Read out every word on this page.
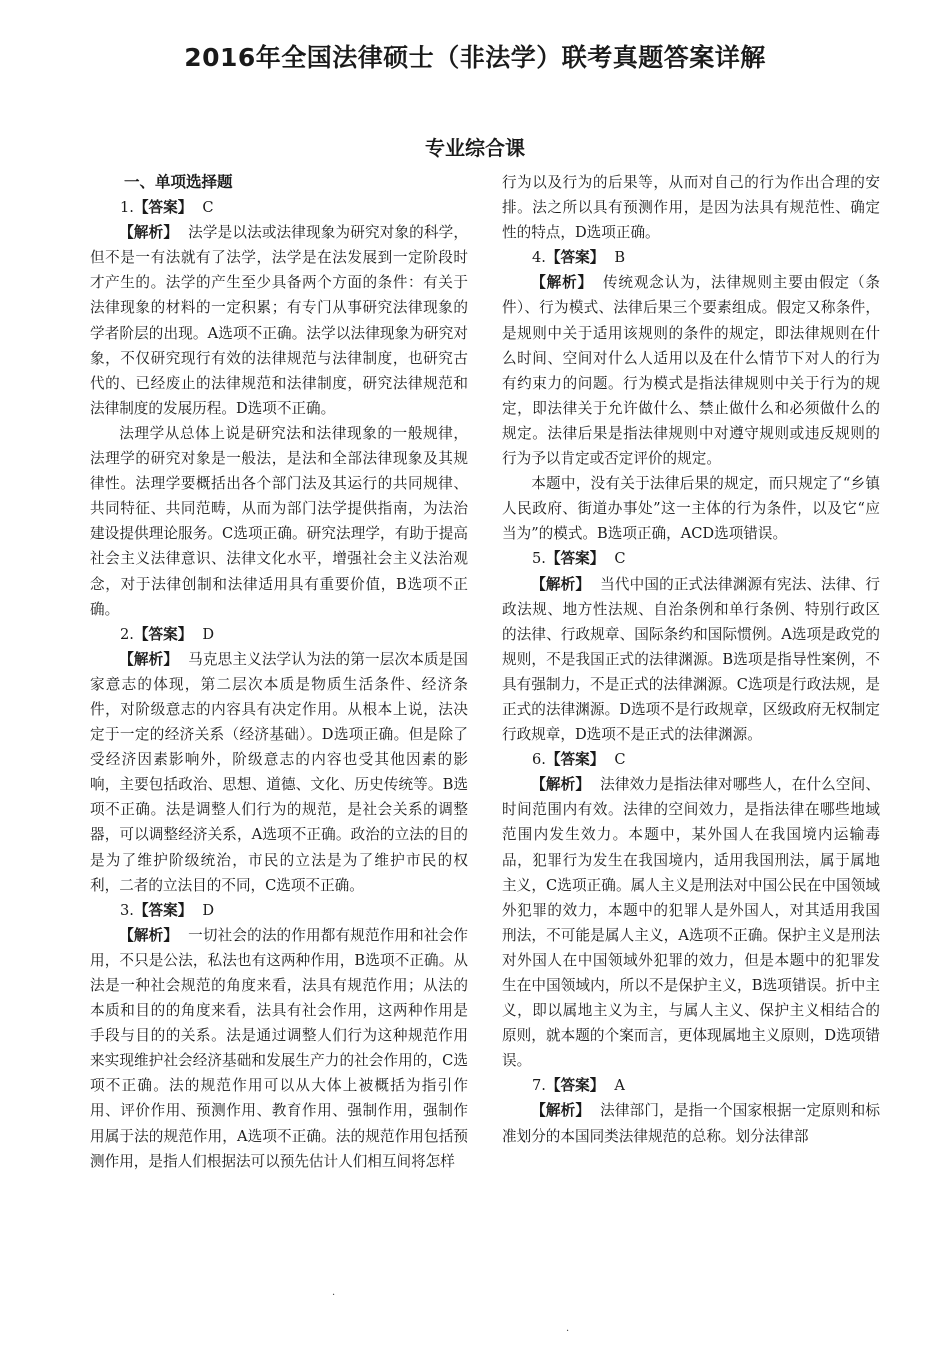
2016年全国法律硕士（非法学）联考真题答案详解
专业综合课
一、单项选择题
1.【答案】 C

【解析】 法学是以法或法律现象为研究对象的科学，但不是一有法就有了法学，法学是在法发展到一定阶段时才产生的。法学的产生至少具备两个方面的条件：有关于法律现象的材料的一定积累；有专门从事研究法律现象的学者阶层的出现。A选项不正确。法学以法律现象为研究对象，不仅研究现行有效的法律规范与法律制度，也研究古代的、已经废止的法律规范和法律制度，研究法律规范和法律制度的发展历程。D选项不正确。

法理学从总体上说是研究法和法律现象的一般规律，法理学的研究对象是一般法，是法和全部法律现象及其规律性。法理学要概括出各个部门法及其运行的共同规律、共同特征、共同范畴，从而为部门法学提供指南，为法治建设提供理论服务。C选项正确。研究法理学，有助于提高社会主义法律意识、法律文化水平，增强社会主义法治观念，对于法律创制和法律适用具有重要价值，B选项不正确。

2.【答案】 D

【解析】 马克思主义法学认为法的第一层次本质是国家意志的体现，第二层次本质是物质生活条件、经济条件，对阶级意志的内容具有决定作用。从根本上说，法决定于一定的经济关系（经济基础）。D选项正确。但是除了受经济因素影响外，阶级意志的内容也受其他因素的影响，主要包括政治、思想、道德、文化、历史传统等。B选项不正确。法是调整人们行为的规范，是社会关系的调整器，可以调整经济关系，A选项不正确。政治的立法的目的是为了维护阶级统治，市民的立法是为了维护市民的权利，二者的立法目的不同，C选项不正确。

3.【答案】 D

【解析】 一切社会的法的作用都有规范作用和社会作用，不只是公法，私法也有这两种作用，B选项不正确。从法是一种社会规范的角度来看，法具有规范作用；从法的本质和目的的角度来看，法具有社会作用，这两种作用是手段与目的的关系。法是通过调整人们行为这种规范作用来实现维护社会经济基础和发展生产力的社会作用的，C选项不正确。法的规范作用可以从大体上被概括为指引作用、评价作用、预测作用、教育作用、强制作用，强制作用属于法的规范作用，A选项不正确。法的规范作用包括预测作用，是指人们根据法可以预先估计人们相互间将怎样

行为以及行为的后果等，从而对自己的行为作出合理的安排。法之所以具有预测作用，是因为法具有规范性、确定性的特点，D选项正确。

4.【答案】 B

【解析】 传统观念认为，法律规则主要由假定（条件）、行为模式、法律后果三个要素组成。假定又称条件，是规则中关于适用该规则的条件的规定，即法律规则在什么时间、空间对什么人适用以及在什么情节下对人的行为有约束力的问题。行为模式是指法律规则中关于行为的规定，即法律关于允许做什么、禁止做什么和必须做什么的规定。法律后果是指法律规则中对遵守规则或违反规则的行为予以肯定或否定评价的规定。

本题中，没有关于法律后果的规定，而只规定了“乡镇人民政府、街道办事处”这一主体的行为条件，以及它“应当为”的模式。B选项正确，ACD选项错误。

5.【答案】 C

【解析】 当代中国的正式法律渊源有宪法、法律、行政法规、地方性法规、自治条例和单行条例、特别行政区的法律、行政规章、国际条约和国际惯例。A选项是政党的规则，不是我国正式的法律渊源。B选项是指导性案例，不具有强制力，不是正式的法律渊源。C选项是行政法规，是正式的法律渊源。D选项不是行政规章，区级政府无权制定行政规章，D选项不是正式的法律渊源。

6.【答案】 C

【解析】 法律效力是指法律对哪些人，在什么空间、时间范围内有效。法律的空间效力，是指法律在哪些地域范围内发生效力。本题中，某外国人在我国境内运输毒品，犯罪行为发生在我国境内，适用我国刑法，属于属地主义，C选项正确。属人主义是刑法对中国公民在中国领域外犯罪的效力，本题中的犯罪人是外国人，对其适用我国刑法，不可能是属人主义，A选项不正确。保护主义是刑法对外国人在中国领域外犯罪的效力，但是本题中的犯罪发生在中国领域内，所以不是保护主义，B选项错误。折中主义，即以属地主义为主，与属人主义、保护主义相结合的原则，就本题的个案而言，更体现属地主义原则，D选项错误。

7.【答案】 A

【解析】 法律部门，是指一个国家根据一定原则和标准划分的本国同类法律规范的总称。划分法律部

·
·
